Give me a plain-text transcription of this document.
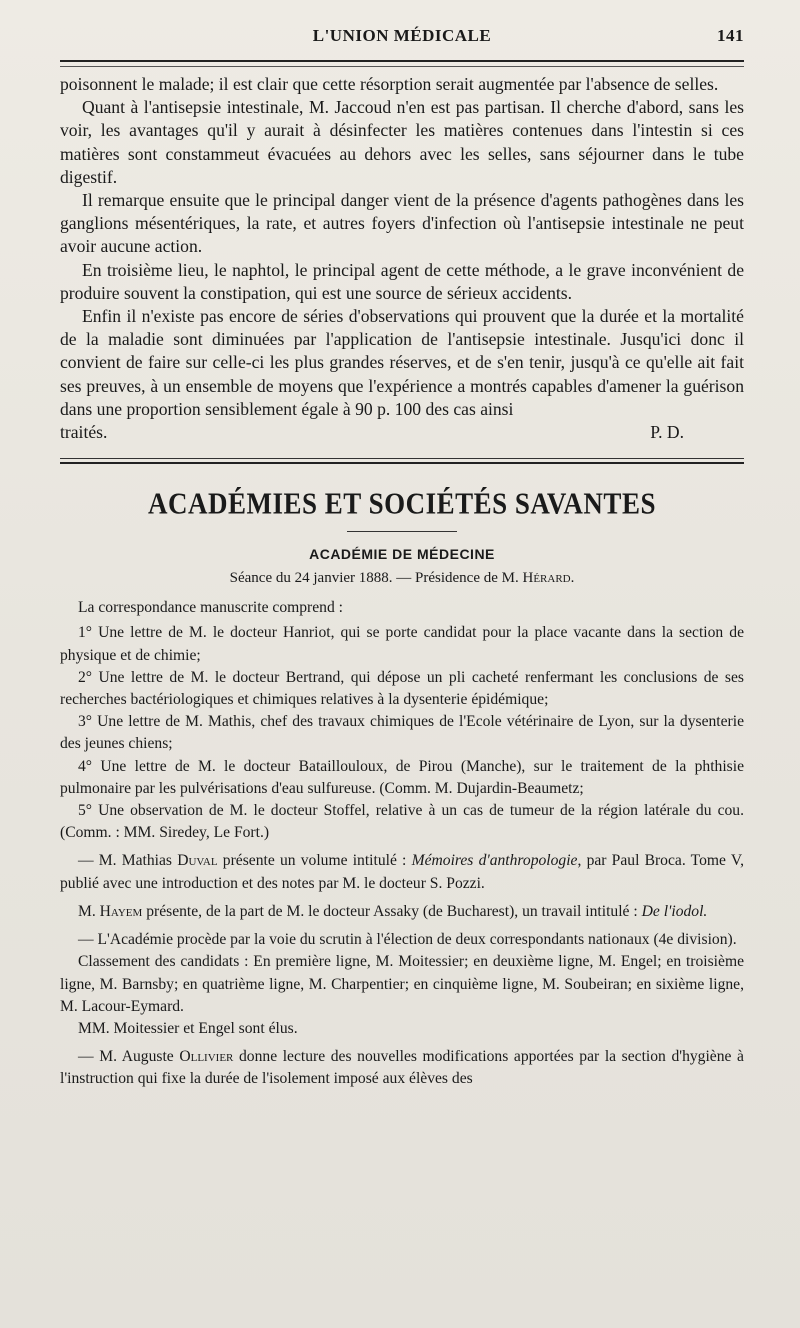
L'UNION MÉDICALE	141

poisonnent le malade; il est clair que cette résorption serait augmentée par l'absence de selles.

Quant à l'antisepsie intestinale, M. Jaccoud n'en est pas partisan. Il cherche d'abord, sans les voir, les avantages qu'il y aurait à désinfecter les matières contenues dans l'intestin si ces matières sont constammeut évacuées au dehors avec les selles, sans séjourner dans le tube digestif.

Il remarque ensuite que le principal danger vient de la présence d'agents pathogènes dans les ganglions mésentériques, la rate, et autres foyers d'infection où l'antisepsie intestinale ne peut avoir aucune action.

En troisième lieu, le naphtol, le principal agent de cette méthode, a le grave inconvénient de produire souvent la constipation, qui est une source de sérieux accidents.

Enfin il n'existe pas encore de séries d'observations qui prouvent que la durée et la mortalité de la maladie sont diminuées par l'application de l'antisepsie intestinale. Jusqu'ici donc il convient de faire sur celle-ci les plus grandes réserves, et de s'en tenir, jusqu'à ce qu'elle ait fait ses preuves, à un ensemble de moyens que l'expérience a montrés capables d'amener la guérison dans une proportion sensiblement égale à 90 p. 100 des cas ainsi

traités.	P. D.
ACADÉMIES ET SOCIÉTÉS SAVANTES
ACADÉMIE DE MÉDECINE
Séance du 24 janvier 1888. — Présidence de M. Hérard.

La correspondance manuscrite comprend :

1° Une lettre de M. le docteur Hanriot, qui se porte candidat pour la place vacante dans la section de physique et de chimie;

2° Une lettre de M. le docteur Bertrand, qui dépose un pli cacheté renfermant les conclusions de ses recherches bactériologiques et chimiques relatives à la dysenterie épidémique;

3° Une lettre de M. Mathis, chef des travaux chimiques de l'Ecole vétérinaire de Lyon, sur la dysenterie des jeunes chiens;

4° Une lettre de M. le docteur Bataillouloux, de Pirou (Manche), sur le traitement de la phthisie pulmonaire par les pulvérisations d'eau sulfureuse. (Comm. M. Dujardin-Beaumetz;

5° Une observation de M. le docteur Stoffel, relative à un cas de tumeur de la région latérale du cou. (Comm. : MM. Siredey, Le Fort.)

— M. Mathias Duval présente un volume intitulé : Mémoires d'anthropologie, par Paul Broca. Tome V, publié avec une introduction et des notes par M. le docteur S. Pozzi.

M. Hayem présente, de la part de M. le docteur Assaky (de Bucharest), un travail intitulé : De l'iodol.

— L'Académie procède par la voie du scrutin à l'élection de deux correspondants nationaux (4e division).

Classement des candidats : En première ligne, M. Moitessier; en deuxième ligne, M. Engel; en troisième ligne, M. Barnsby; en quatrième ligne, M. Charpentier; en cinquième ligne, M. Soubeiran; en sixième ligne, M. Lacour-Eymard.

MM. Moitessier et Engel sont élus.

— M. Auguste Ollivier donne lecture des nouvelles modifications apportées par la section d'hygiène à l'instruction qui fixe la durée de l'isolement imposé aux élèves des
